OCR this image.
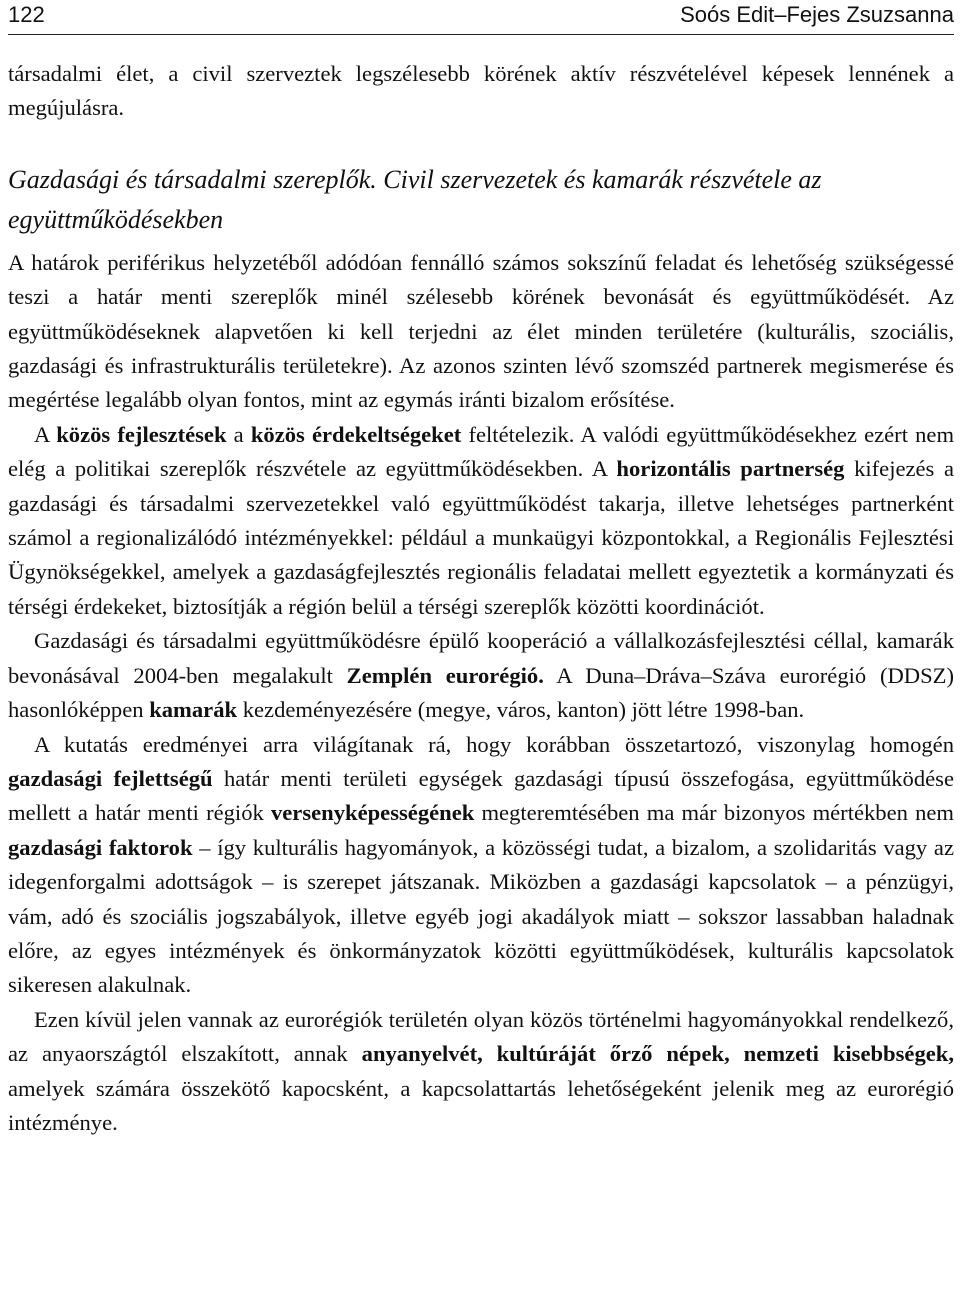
122	Soós Edit–Fejes Zsuzsanna

társadalmi élet, a civil szerveztek legszélesebb körének aktív részvételével képesek lennének a megújulásra.

Gazdasági és társadalmi szereplők. Civil szervezetek és kamarák részvétele az együttműködésekben

A határok periférikus helyzetéből adódóan fennálló számos sokszínű feladat és lehetőség szükségessé teszi a határ menti szereplők minél szélesebb körének bevonását és együttműködését. Az együttműködéseknek alapvetően ki kell terjedni az élet minden területére (kulturális, szociális, gazdasági és infrastrukturális területekre). Az azonos szinten lévő szomszéd partnerek megismerése és megértése legalább olyan fontos, mint az egymás iránti bizalom erősítése.

A közös fejlesztések a közös érdekeltségeket feltételezik. A valódi együttműködésekhez ezért nem elég a politikai szereplők részvétele az együttműködésekben. A horizontális partnerség kifejezés a gazdasági és társadalmi szervezetekkel való együttműködést takarja, illetve lehetséges partnerként számol a regionalizálódó intézményekkel: például a munkaügyi központokkal, a Regionális Fejlesztési Ügynökségekkel, amelyek a gazdaságfejlesztés regionális feladatai mellett egyeztetik a kormányzati és térségi érdekeket, biztosítják a régión belül a térségi szereplők közötti koordinációt.

Gazdasági és társadalmi együttműködésre épülő kooperáció a vállalkozásfejlesztési céllal, kamarák bevonásával 2004-ben megalakult Zemplén eurorégió. A Duna–Dráva–Száva eurorégió (DDSZ) hasonlóképpen kamarák kezdeményezésére (megye, város, kanton) jött létre 1998-ban.

A kutatás eredményei arra világítanak rá, hogy korábban összetartozó, viszonylag homogén gazdasági fejlettségű határ menti területi egységek gazdasági típusú összefogása, együttműködése mellett a határ menti régiók versenyképességének megteremtésében ma már bizonyos mértékben nem gazdasági faktorok – így kulturális hagyományok, a közösségi tudat, a bizalom, a szolidaritás vagy az idegenforgalmi adottságok – is szerepet játszanak. Miközben a gazdasági kapcsolatok – a pénzügyi, vám, adó és szociális jogszabályok, illetve egyéb jogi akadályok miatt – sokszor lassabban haladnak előre, az egyes intézmények és önkormányzatok közötti együttműködések, kulturális kapcsolatok sikeresen alakulnak.

Ezen kívül jelen vannak az eurorégiók területén olyan közös történelmi hagyományokkal rendelkező, az anyaországtól elszakított, annak anyanyelvét, kultúráját őrző népek, nemzeti kisebbségek, amelyek számára összekötő kapocsként, a kapcsolattartás lehetőségeként jelenik meg az eurorégió intézménye.
